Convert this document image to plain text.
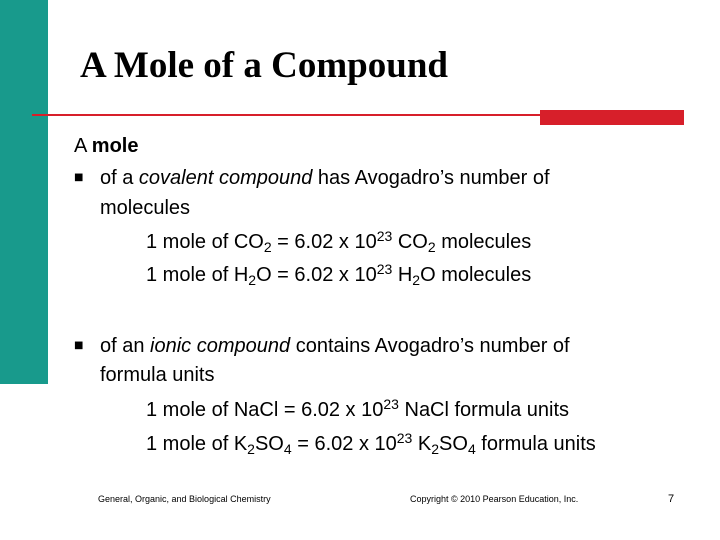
A Mole of a Compound
A mole
■ of a covalent compound has Avogadro’s number of
molecules
1 mole of $CO_2 = 6.02$ x $10^{23}$ $CO_2$ molecules
1 mole of $H_2O = 6.02$ x $10^{23}$ $H_2O$ molecules
■ of an ionic compound contains Avogadro’s number of
formula units
1 mole of NaCl = 6.02 x $10^{23}$ NaCl formula units
1 mole of $K_2SO_4 = 6.02$ x $10^{23}$ $K_2SO_4$ formula units
General, Organic, and Biological Chemistry	Copyright © 2010 Pearson Education, Inc.	7
